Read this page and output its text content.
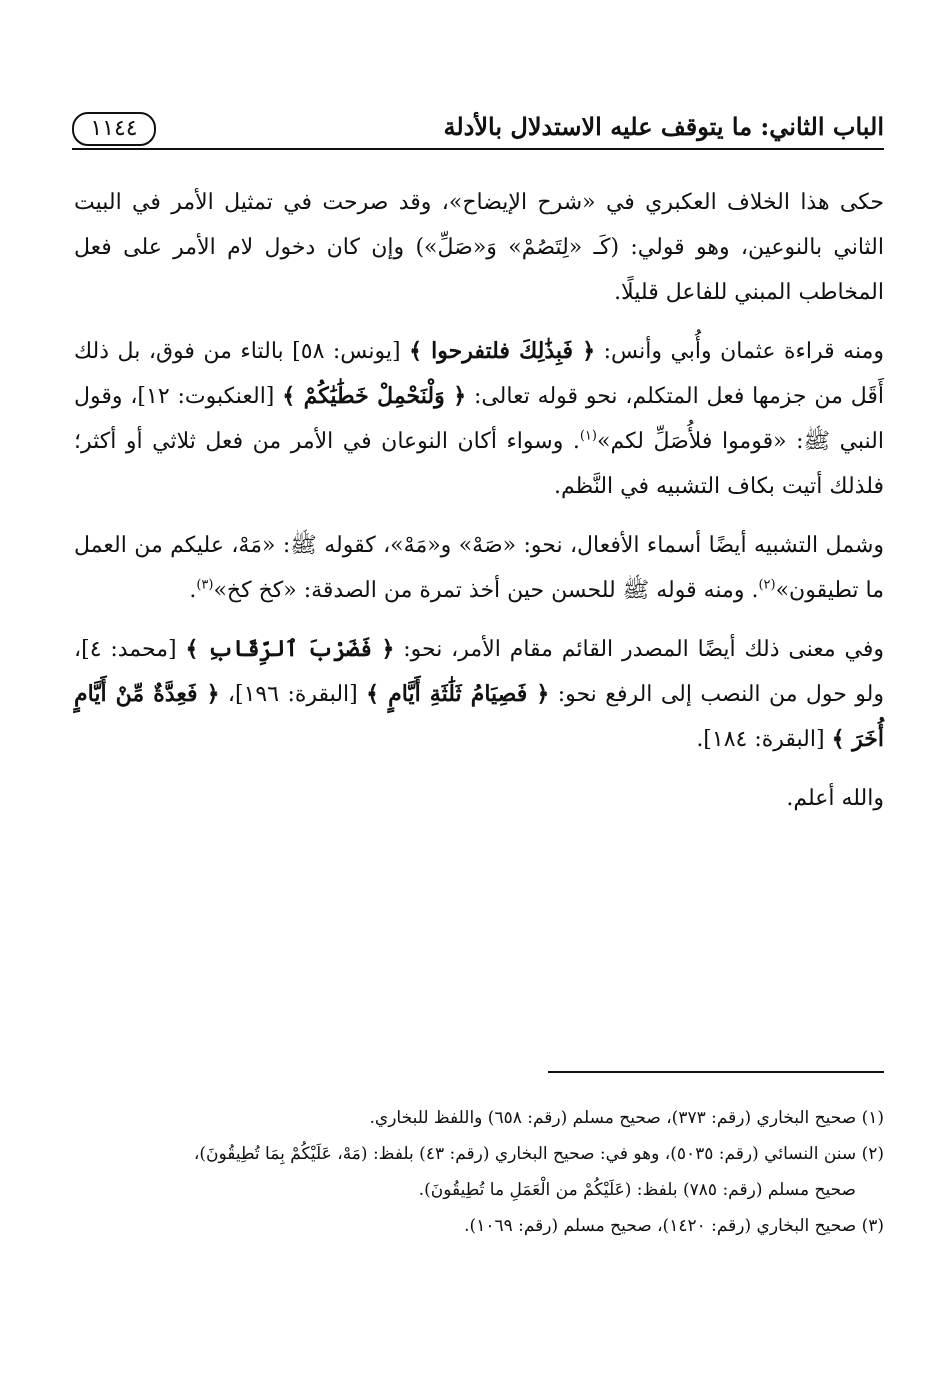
الباب الثاني: ما يتوقف عليه الاستدلال بالأدلة
١١٤٤

حكى هذا الخلاف العكبري في «شرح الإيضاح»، وقد صرحت في تمثيل الأمر في البيت الثاني بالنوعين، وهو قولي: (كَـ «لِتَصُمْ» وَ«صَلِّ») وإن كان دخول لام الأمر على فعل المخاطب المبني للفاعل قليلًا.

ومنه قراءة عثمان وأُبي وأنس: ﴿ فَبِذَٰلِكَ فلتفرحوا ﴾ [يونس: ٥٨] بالتاء من فوق، بل ذلك أَقَل من جزمها فعل المتكلم، نحو قوله تعالى: ﴿ وَلْنَحْمِلْ خَطَٰيَٰكُمْ ﴾ [العنكبوت: ١٢]، وقول النبي ﷺ: «قوموا فلأُصَلِّ لكم»$^{(١)}$. وسواء أكان النوعان في الأمر من فعل ثلاثي أو أكثر؛ فلذلك أتيت بكاف التشبيه في النَّظم.

وشمل التشبيه أيضًا أسماء الأفعال، نحو: «صَهْ» و«مَهْ»، كقوله ﷺ: «مَهْ، عليكم من العمل ما تطيقون»$^{(٢)}$. ومنه قوله ﷺ للحسن حين أخذ تمرة من الصدقة: «كخ كخ»$^{(٣)}$.

وفي معنى ذلك أيضًا المصدر القائم مقام الأمر، نحو: ﴿ فَضَرْبَ ٱلرِّقَابِ ﴾ [محمد: ٤]، ولو حول من النصب إلى الرفع نحو: ﴿ فَصِيَامُ ثَلَٰثَةِ أَيَّامٍ ﴾ [البقرة: ١٩٦]، ﴿ فَعِدَّةٌ مِّنْ أَيَّامٍ أُخَرَ ﴾ [البقرة: ١٨٤].

والله أعلم.

(١) صحيح البخاري (رقم: ٣٧٣)، صحيح مسلم (رقم: ٦٥٨) واللفظ للبخاري.

(٢) سنن النسائي (رقم: ٥٠٣٥)، وهو في: صحيح البخاري (رقم: ٤٣) بلفظ: (مَهْ، عَلَيْكُمْ بِمَا تُطِيقُونَ)،

صحيح مسلم (رقم: ٧٨٥) بلفظ: (عَلَيْكُمْ من الْعَمَلِ ما تُطِيقُونَ).

(٣) صحيح البخاري (رقم: ١٤٢٠)، صحيح مسلم (رقم: ١٠٦٩).
